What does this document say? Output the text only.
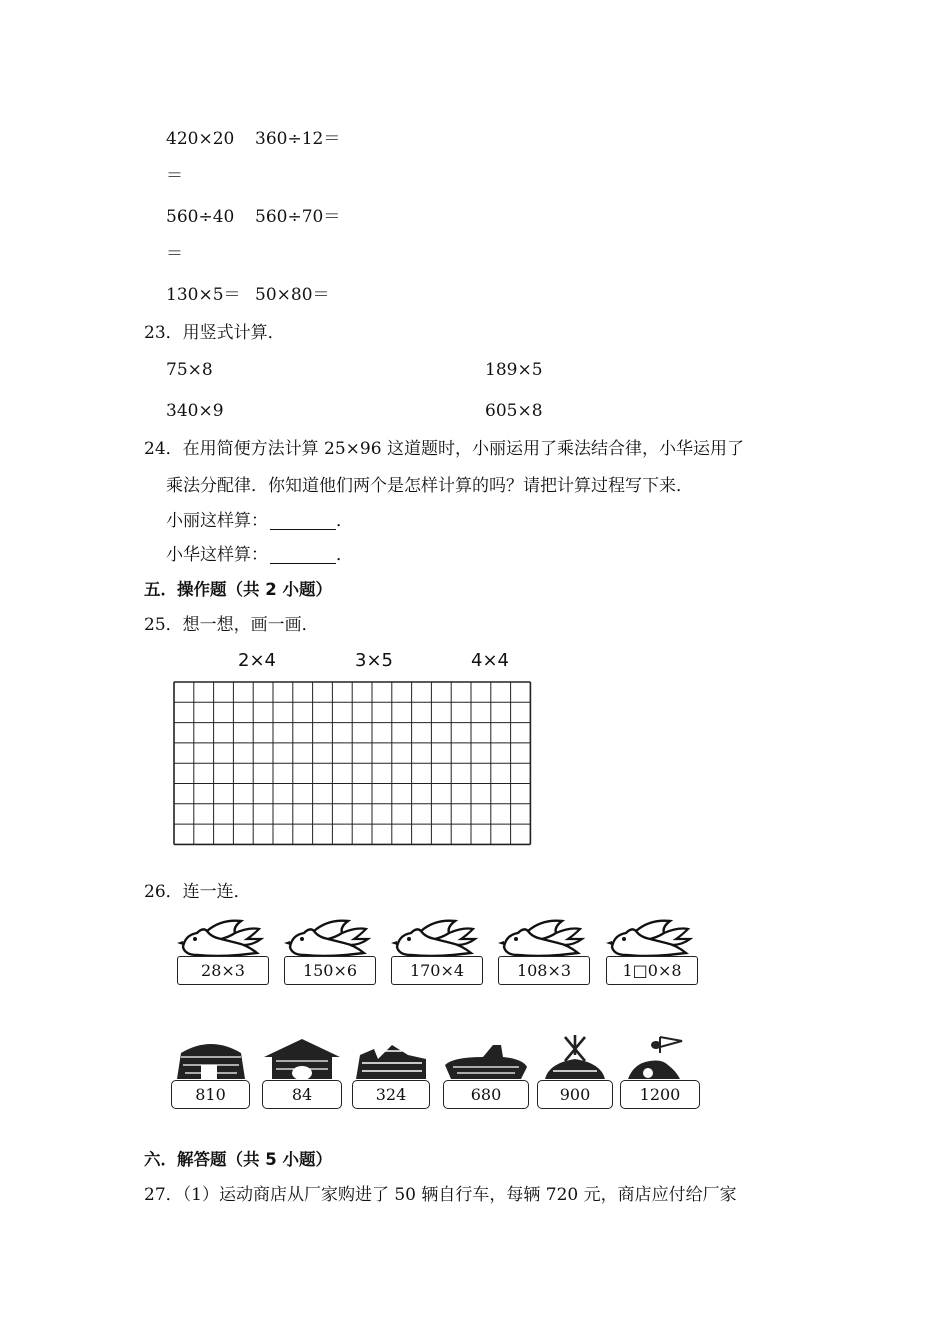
420×20 360÷12＝
＝
560÷40 560÷70＝
＝
130×5＝ 50×80＝
23．用竖式计算．
75×8	189×5
340×9	605×8
24．在用简便方法计算 25×96 这道题时，小丽运用了乘法结合律，小华运用了
乘法分配律．你知道他们两个是怎样计算的吗？请把计算过程写下来．
小丽这样算：	．
小华这样算：	．
五．操作题（共 2 小题）
25．想一想，画一画．
2×4	3×5	4×4
26．连一连．
28×3	150×6	170×4	108×3	1□0×8
810	84	324	680	900	1200
六．解答题（共 5 小题）
27．（1）运动商店从厂家购进了 50 辆自行车，每辆 720 元，商店应付给厂家
